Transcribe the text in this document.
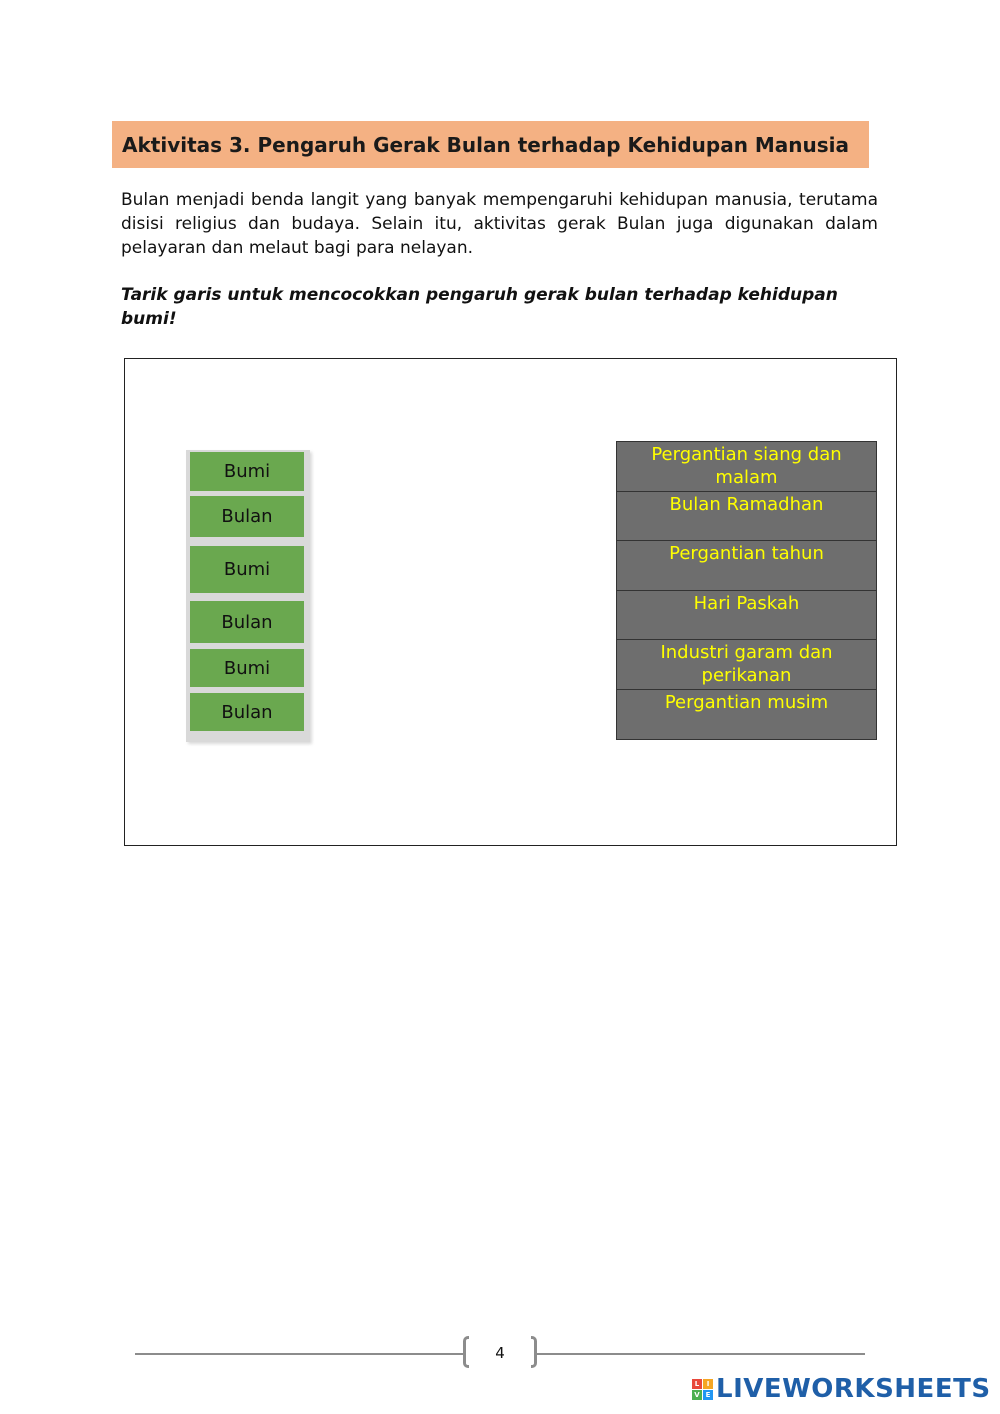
Aktivitas 3. Pengaruh Gerak Bulan terhadap Kehidupan Manusia

Bulan menjadi benda langit yang banyak mempengaruhi kehidupan manusia, terutama disisi religius dan budaya. Selain itu, aktivitas gerak Bulan juga digunakan dalam pelayaran dan melaut bagi para nelayan.

Tarik garis untuk mencocokkan pengaruh gerak bulan terhadap kehidupan bumi!

Bumi
Bulan
Bumi
Bulan
Bumi
Bulan
Pergantian siang dan malam
Bulan Ramadhan
Pergantian tahun
Hari Paskah
Industri garam dan perikanan
Pergantian musim
4
L	I
V E LIVEWORKSHEETS
